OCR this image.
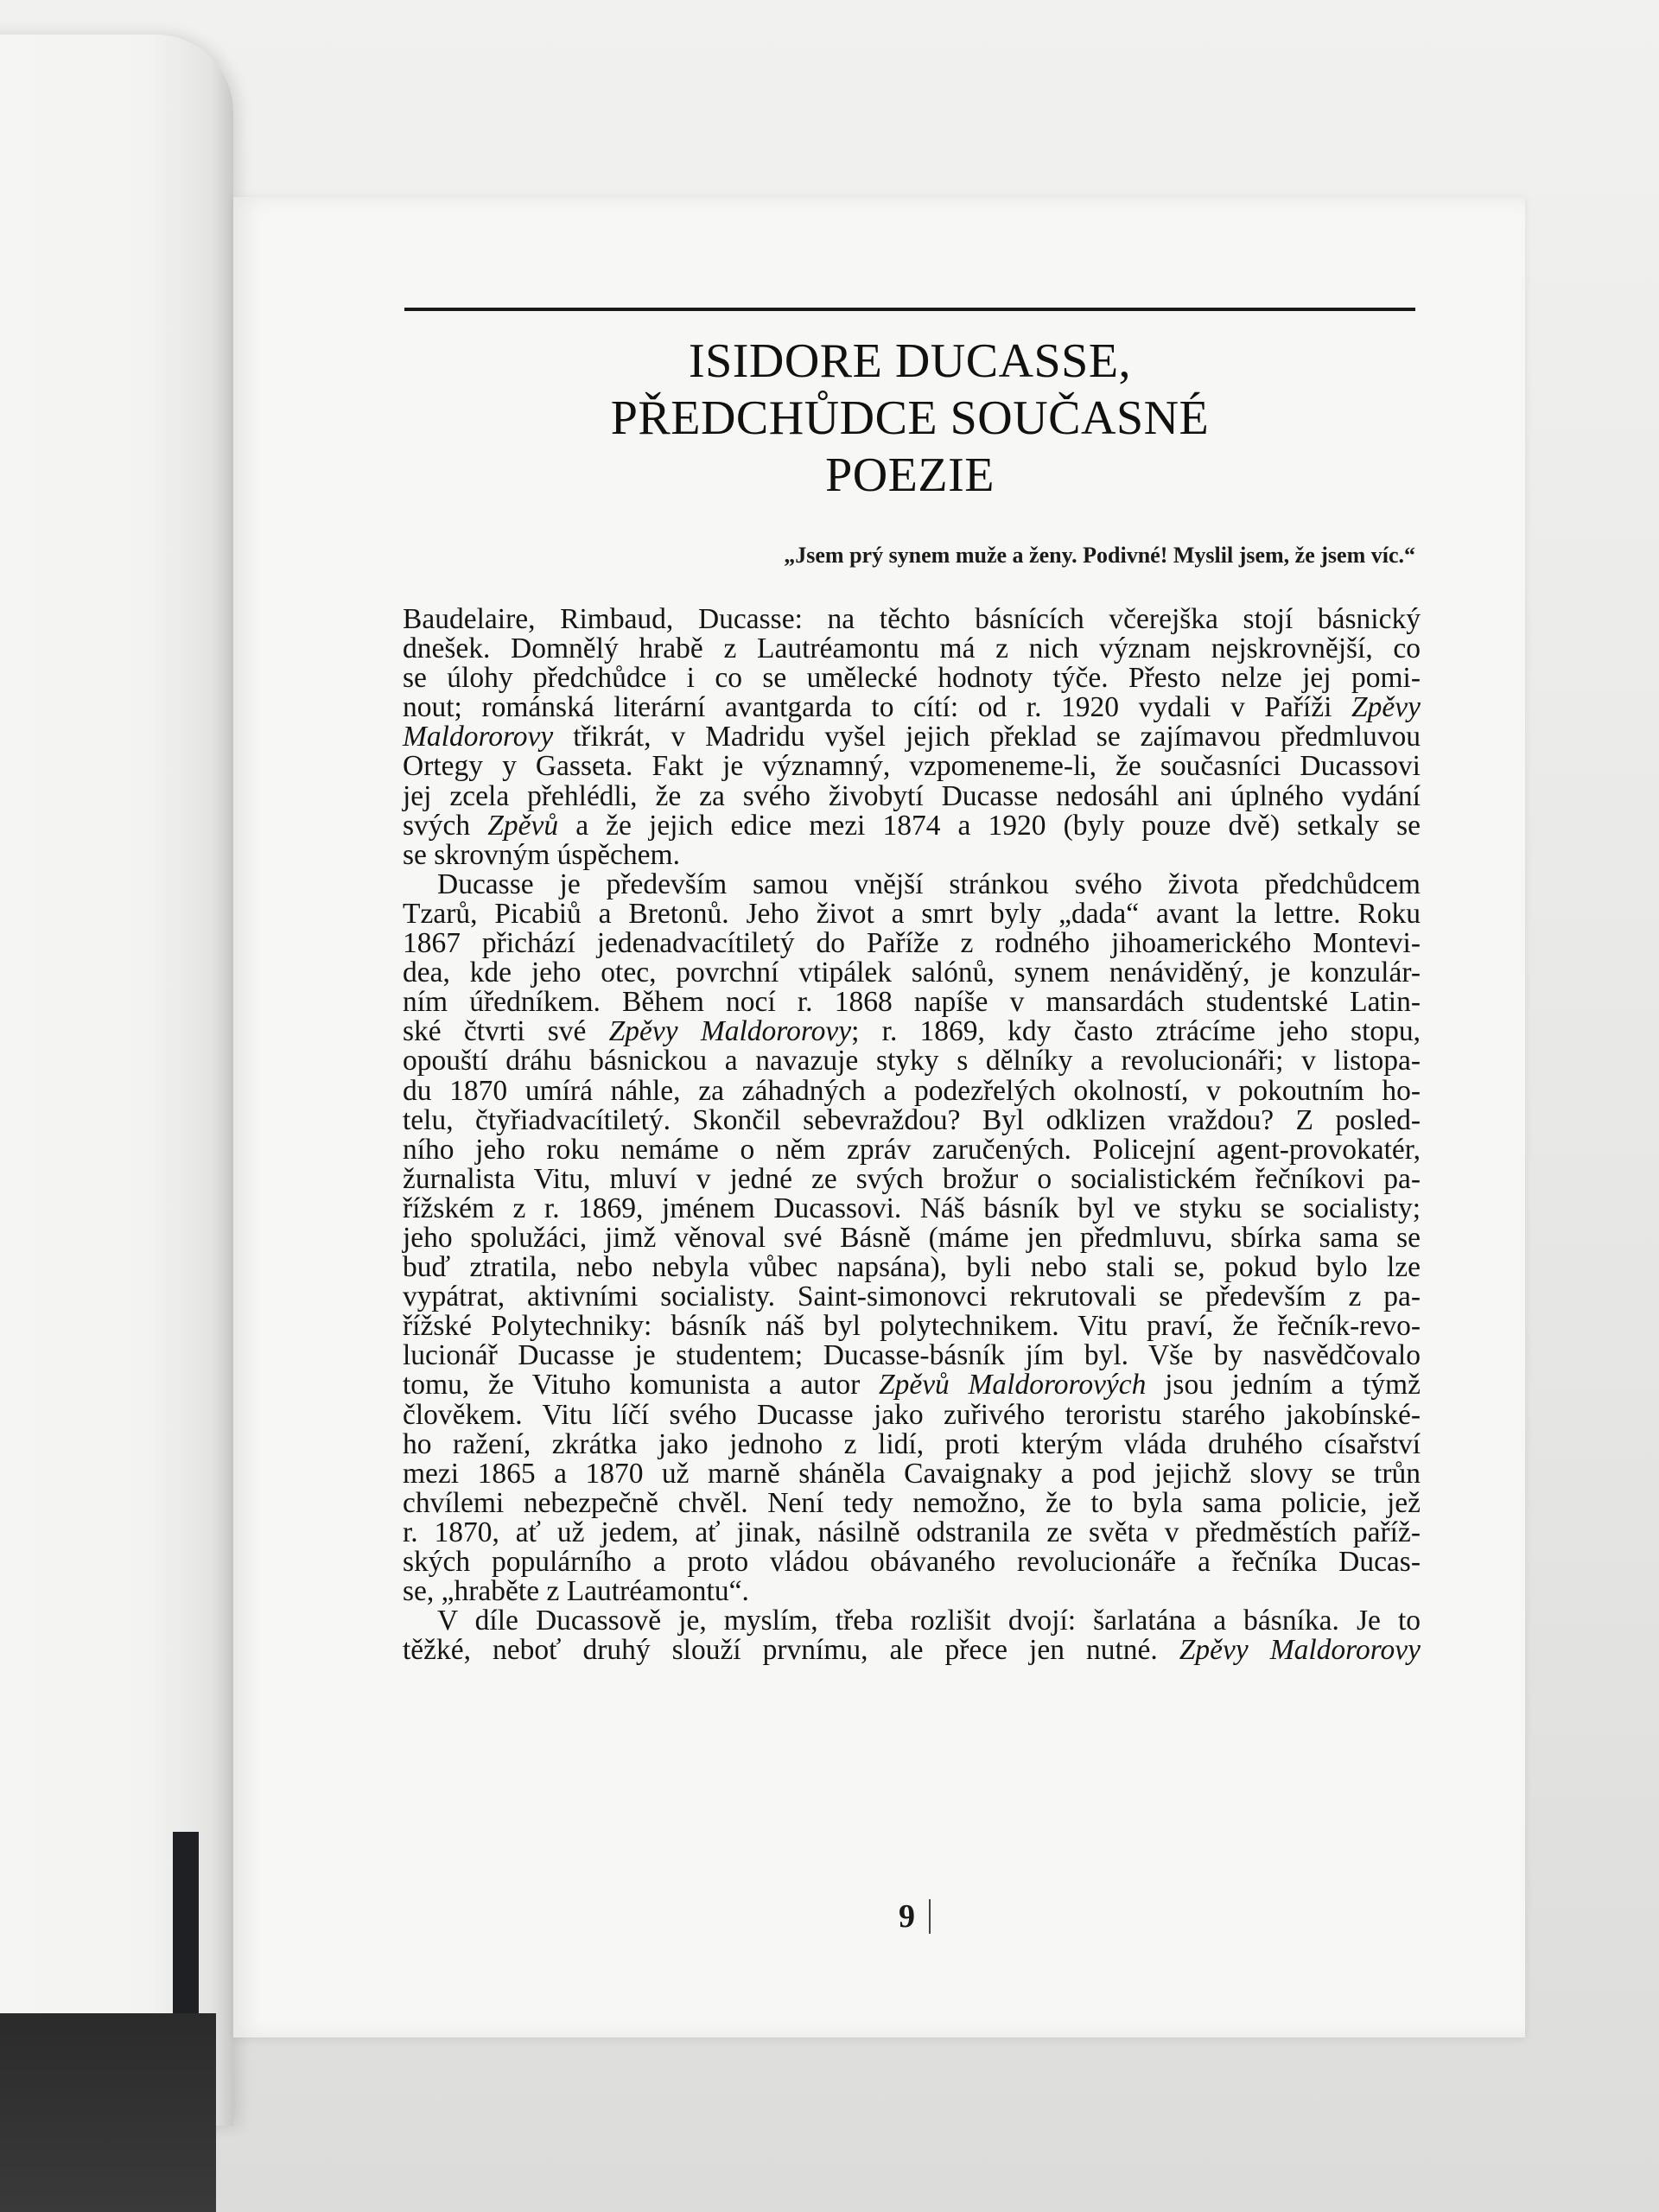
ISIDORE DUCASSE,
PŘEDCHŮDCE SOUČASNÉ
POEZIE
„Jsem prý synem muže a ženy. Podivné! Myslil jsem, že jsem víc.“
Baudelaire, Rimbaud, Ducasse: na těchto básnících včerejška stojí básnický
dnešek. Domnělý hrabě z Lautréamontu má z nich význam nejskrovnější, co
se úlohy předchůdce i co se umělecké hodnoty týče. Přesto nelze jej pomi-
nout; románská literární avantgarda to cítí: od r. 1920 vydali v Paříži Zpěvy
Maldororovy třikrát, v Madridu vyšel jejich překlad se zajímavou předmluvou
Ortegy y Gasseta. Fakt je významný, vzpomeneme-li, že současníci Ducassovi
jej zcela přehlédli, že za svého živobytí Ducasse nedosáhl ani úplného vydání
svých Zpěvů a že jejich edice mezi 1874 a 1920 (byly pouze dvě) setkaly se
se skrovným úspěchem.
Ducasse je především samou vnější stránkou svého života předchůdcem
Tzarů, Picabiů a Bretonů. Jeho život a smrt byly „dada“ avant la lettre. Roku
1867 přichází jedenadvacítiletý do Paříže z rodného jihoamerického Montevi-
dea, kde jeho otec, povrchní vtipálek salónů, synem nenáviděný, je konzulár-
ním úředníkem. Během nocí r. 1868 napíše v mansardách studentské Latin-
ské čtvrti své Zpěvy Maldororovy; r. 1869, kdy často ztrácíme jeho stopu,
opouští dráhu básnickou a navazuje styky s dělníky a revolucionáři; v listopa-
du 1870 umírá náhle, za záhadných a podezřelých okolností, v pokoutním ho-
telu, čtyřiadvacítiletý. Skončil sebevraždou? Byl odklizen vraždou? Z posled-
ního jeho roku nemáme o něm zpráv zaručených. Policejní agent-provokatér,
žurnalista Vitu, mluví v jedné ze svých brožur o socialistickém řečníkovi pa-
řížském z r. 1869, jménem Ducassovi. Náš básník byl ve styku se socialisty;
jeho spolužáci, jimž věnoval své Básně (máme jen předmluvu, sbírka sama se
buď ztratila, nebo nebyla vůbec napsána), byli nebo stali se, pokud bylo lze
vypátrat, aktivními socialisty. Saint-simonovci rekrutovali se především z pa-
řížské Polytechniky: básník náš byl polytechnikem. Vitu praví, že řečník-revo-
lucionář Ducasse je studentem; Ducasse-básník jím byl. Vše by nasvědčovalo
tomu, že Vituho komunista a autor Zpěvů Maldororových jsou jedním a týmž
člověkem. Vitu líčí svého Ducasse jako zuřivého teroristu starého jakobínské-
ho ražení, zkrátka jako jednoho z lidí, proti kterým vláda druhého císařství
mezi 1865 a 1870 už marně sháněla Cavaignaky a pod jejichž slovy se trůn
chvílemi nebezpečně chvěl. Není tedy nemožno, že to byla sama policie, jež
r. 1870, ať už jedem, ať jinak, násilně odstranila ze světa v předměstích paříž-
ských populárního a proto vládou obávaného revolucionáře a řečníka Ducas-
se, „hraběte z Lautréamontu“.
V díle Ducassově je, myslím, třeba rozlišit dvojí: šarlatána a básníka. Je to
těžké, neboť druhý slouží prvnímu, ale přece jen nutné. Zpěvy Maldororovy
9
